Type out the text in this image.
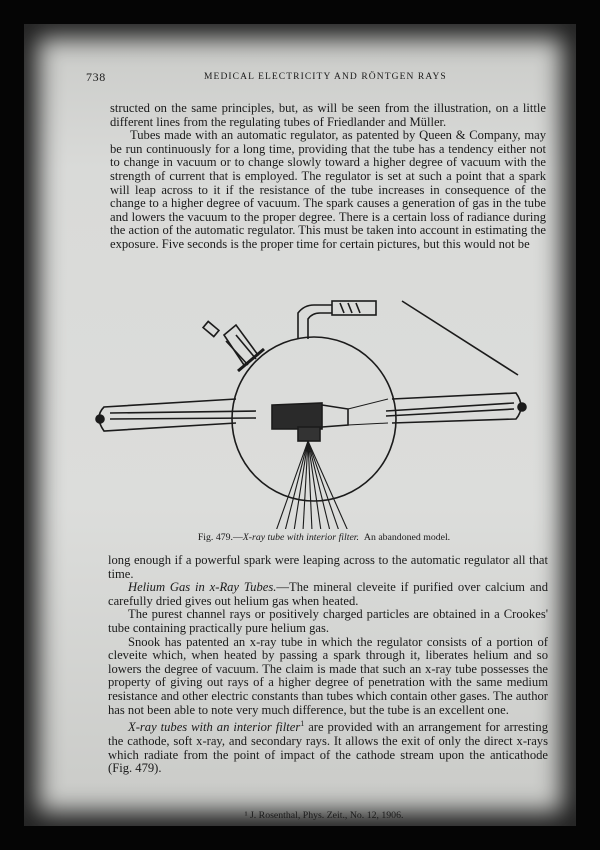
738	MEDICAL ELECTRICITY AND RÖNTGEN RAYS

structed on the same principles, but, as will be seen from the illustration, on a little different lines from the regulating tubes of Friedlander and Müller.

Tubes made with an automatic regulator, as patented by Queen & Company, may be run continuously for a long time, providing that the tube has a tendency either not to change in vacuum or to change slowly toward a higher degree of vacuum with the strength of current that is employed. The regulator is set at such a point that a spark will leap across to it if the resistance of the tube increases in consequence of the change to a higher degree of vacuum. The spark causes a generation of gas in the tube and lowers the vacuum to the proper degree. There is a certain loss of radiance during the action of the automatic regulator. This must be taken into account in estimating the exposure. Five seconds is the proper time for certain pictures, but this would not be

Fig. 479.—X-ray tube with interior filter. An abandoned model.

long enough if a powerful spark were leaping across to the automatic regulator all that time.

Helium Gas in x-Ray Tubes.—The mineral cleveite if purified over calcium and carefully dried gives out helium gas when heated.

The purest channel rays or positively charged particles are obtained in a Crookes' tube containing practically pure helium gas.

Snook has patented an x-ray tube in which the regulator consists of a portion of cleveite which, when heated by passing a spark through it, liberates helium and so lowers the degree of vacuum. The claim is made that such an x-ray tube possesses the property of giving out rays of a higher degree of penetration with the same medium resistance and other electric constants than tubes which contain other gases. The author has not been able to note very much difference, but the tube is an excellent one.

X-ray tubes with an interior filter$^1$ are provided with an arrangement for arresting the cathode, soft x-ray, and secondary rays. It allows the exit of only the direct x-rays which radiate from the point of impact of the cathode stream upon the anticathode (Fig. 479).

¹ J. Rosenthal, Phys. Zeit., No. 12, 1906.
